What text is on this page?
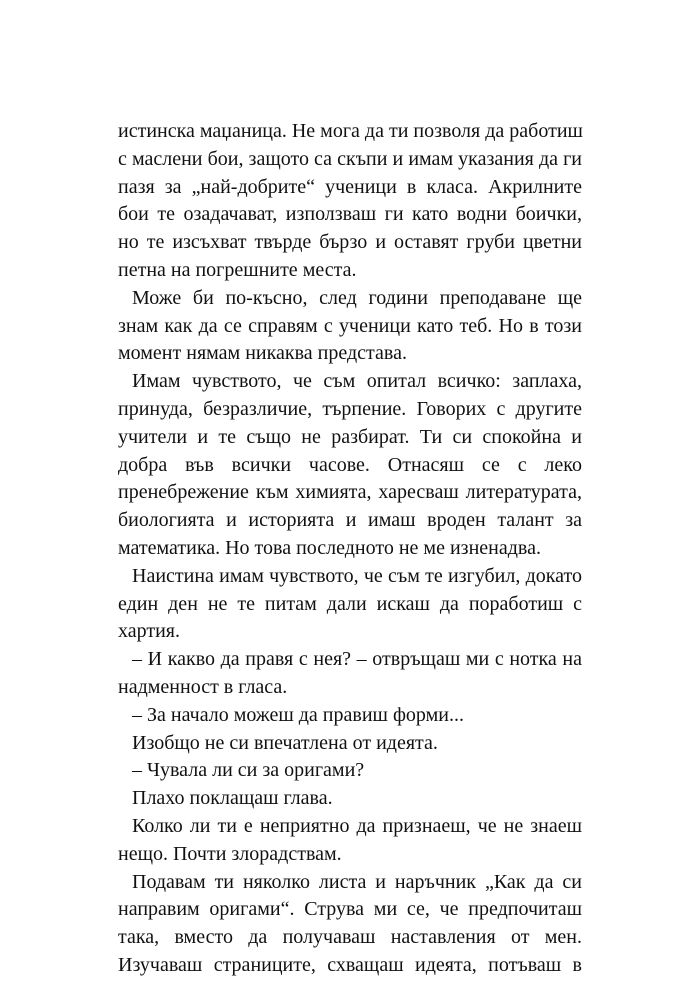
истинска маџаница. Не мога да ти позволя да работиш
с маслени бои, защото са скъпи и имам указания да ги
пазя за „най-добрите“ ученици в класа. Акрилните
бои те озадачават, използваш ги като водни боички,
но те изсъхват твърде бързо и оставят груби цветни
петна на погрешните места.
Може би по-късно, след години преподаване ще
знам как да се справям с ученици като теб. Но в този
момент нямам никаква представа.
Имам чувството, че съм опитал всичко: заплаха,
принуда, безразличие, търпение. Говорих с другите
учители и те също не разбират. Ти си спокойна и
добра във всички часове. Отнасяш се с леко
пренебрежение към химията, харесваш литературата,
биологията и историята и имаш вроден талант за
математика. Но това последното не ме изненадва.
Наистина имам чувството, че съм те изгубил, докато
един ден не те питам дали искаш да поработиш с
хартия.
– И какво да правя с нея? – отвръщаш ми с нотка на
надменност в гласа.
– За начало можеш да правиш форми...
Изобщо не си впечатлена от идеята.
– Чувала ли си за оригами?
Плахо поклащаш глава.
Колко ли ти е неприятно да признаеш, че не знаеш
нещо. Почти злорадствам.
Подавам ти няколко листа и наръчник „Как да си
направим оригами“. Струва ми се, че предпочиташ
така, вместо да получаваш наставления от мен.
Изучаваш страниците, схващаш идеята, потъваш в
